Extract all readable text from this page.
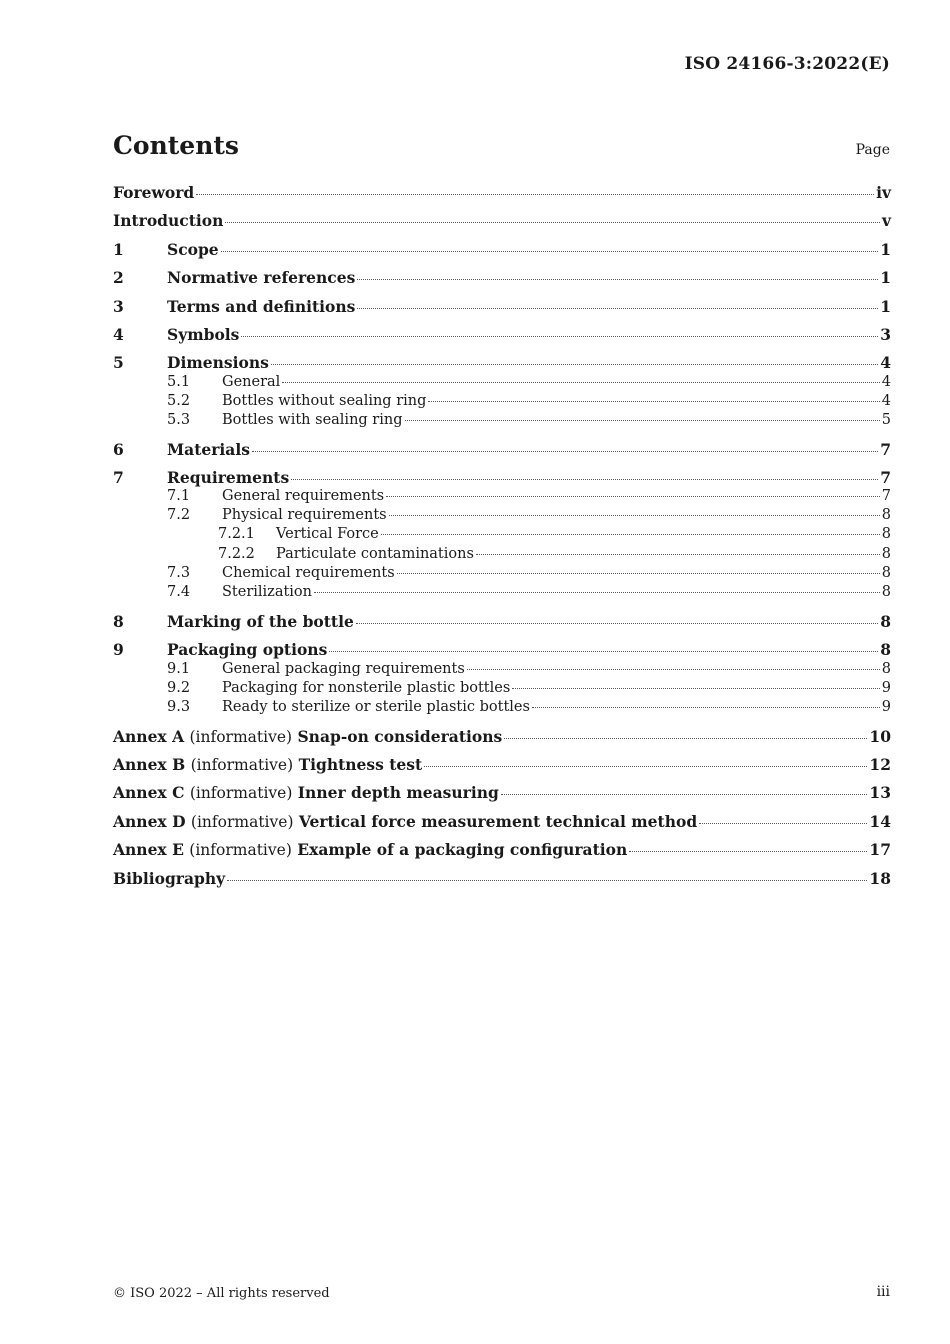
ISO 24166-3:2022(E)
Contents	Page
Foreword	iv
Introduction	v
1	Scope	1
2	Normative references	1
3	Terms and definitions	1
4	Symbols	3
5	Dimensions	4
5.1	General	4
5.2	Bottles without sealing ring	4
5.3	Bottles with sealing ring	5
6	Materials	7
7	Requirements	7
7.1	General requirements	7
7.2	Physical requirements	8
7.2.1	Vertical Force	8
7.2.2	Particulate contaminations	8
7.3	Chemical requirements	8
7.4	Sterilization	8
8	Marking of the bottle	8
9	Packaging options	8
9.1	General packaging requirements	8
9.2	Packaging for nonsterile plastic bottles	9
9.3	Ready to sterilize or sterile plastic bottles	9
Annex A (informative) Snap-on considerations	10
Annex B (informative) Tightness test	12
Annex C (informative) Inner depth measuring	13
Annex D (informative) Vertical force measurement technical method	14
Annex E (informative) Example of a packaging configuration	17
Bibliography	18
© ISO 2022 – All rights reserved	iii
